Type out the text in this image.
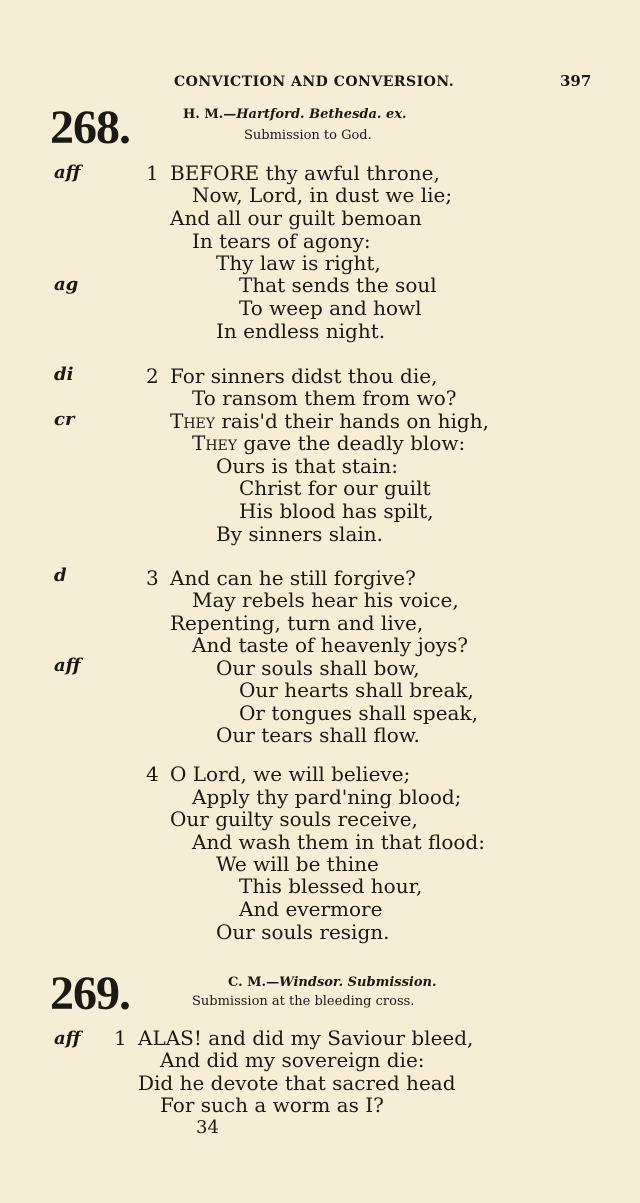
CONVICTION AND CONVERSION.	397
268.	H. M.—Hartford. Bethesda. ex.
Submission to God.
aff
ag
di
cr
d
aff
1 BEFORE thy awful throne,
Now, Lord, in dust we lie;
And all our guilt bemoan
In tears of agony:
Thy law is right,
That sends the soul
To weep and howl
In endless night.
2 For sinners didst thou die,
To ransom them from wo?
They rais'd their hands on high,
They gave the deadly blow:
Ours is that stain:
Christ for our guilt
His blood has spilt,
By sinners slain.
3 And can he still forgive?
May rebels hear his voice,
Repenting, turn and live,
And taste of heavenly joys?
Our souls shall bow,
Our hearts shall break,
Or tongues shall speak,
Our tears shall flow.
4 O Lord, we will believe;
Apply thy pard'ning blood;
Our guilty souls receive,
And wash them in that flood:
We will be thine
This blessed hour,
And evermore
Our souls resign.
269.	C. M.—Windsor. Submission.
Submission at the bleeding cross.
aff 1 ALAS! and did my Saviour bleed,
And did my sovereign die:
Did he devote that sacred head
For such a worm as I?
34
